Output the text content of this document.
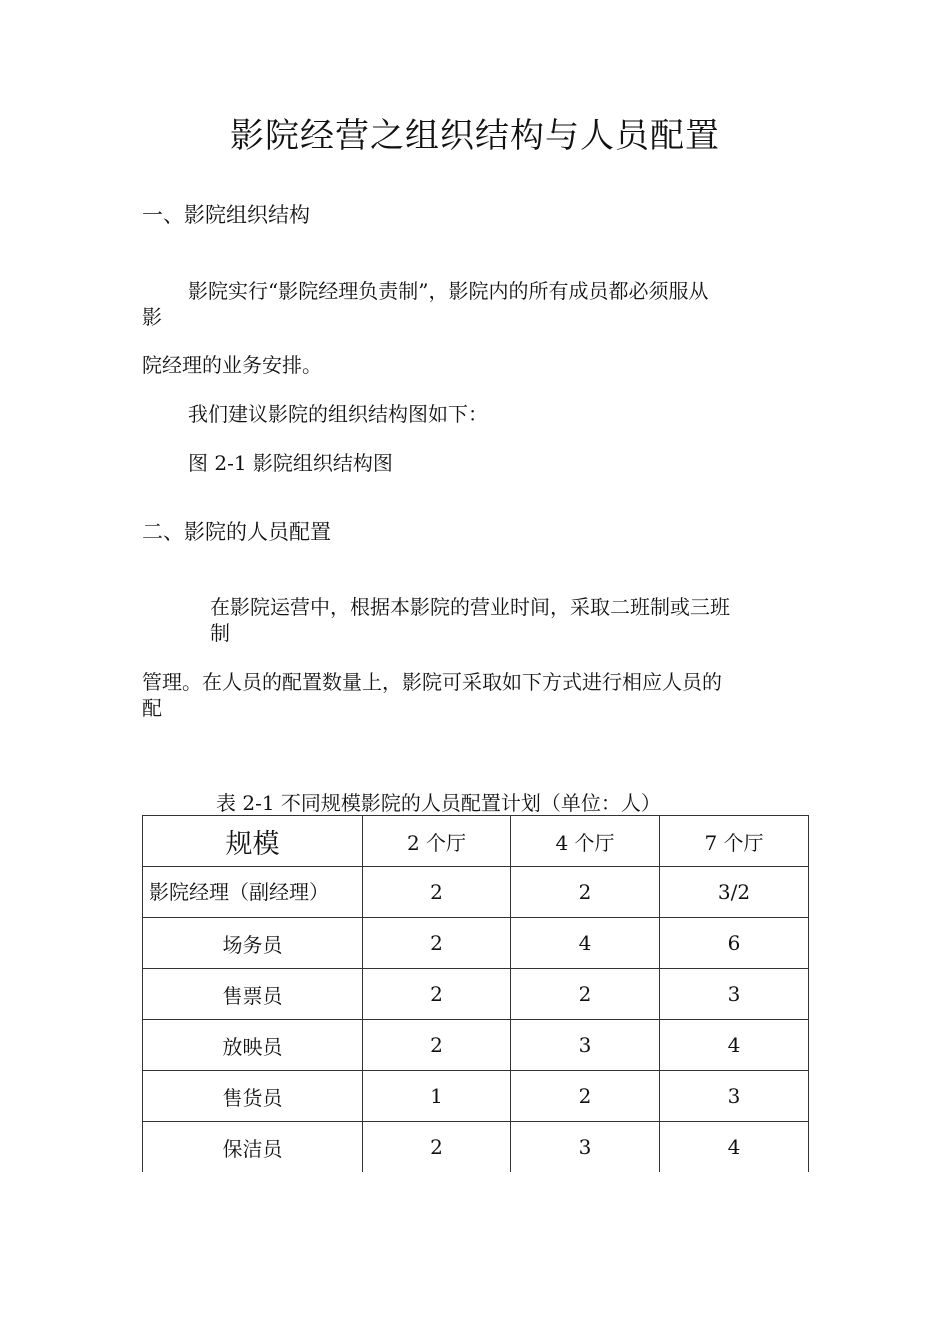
影院经营之组织结构与人员配置
一、影院组织结构
影院实行“影院经理负责制”，影院内的所有成员都必须服从
影
院经理的业务安排。
我们建议影院的组织结构图如下：
图 2-1 影院组织结构图
二、影院的人员配置
在影院运营中，根据本影院的营业时间，采取二班制或三班
制
管理。在人员的配置数量上，影院可采取如下方式进行相应人员的
配
表 2-1 不同规模影院的人员配置计划（单位：人）
规模	2 个厅	4 个厅	7 个厅
影院经理（副经理）	2	2	3/2
场务员	2	4	6
售票员	2	2	3
放映员	2	3	4
售货员	1	2	3
保洁员	2	3	4
